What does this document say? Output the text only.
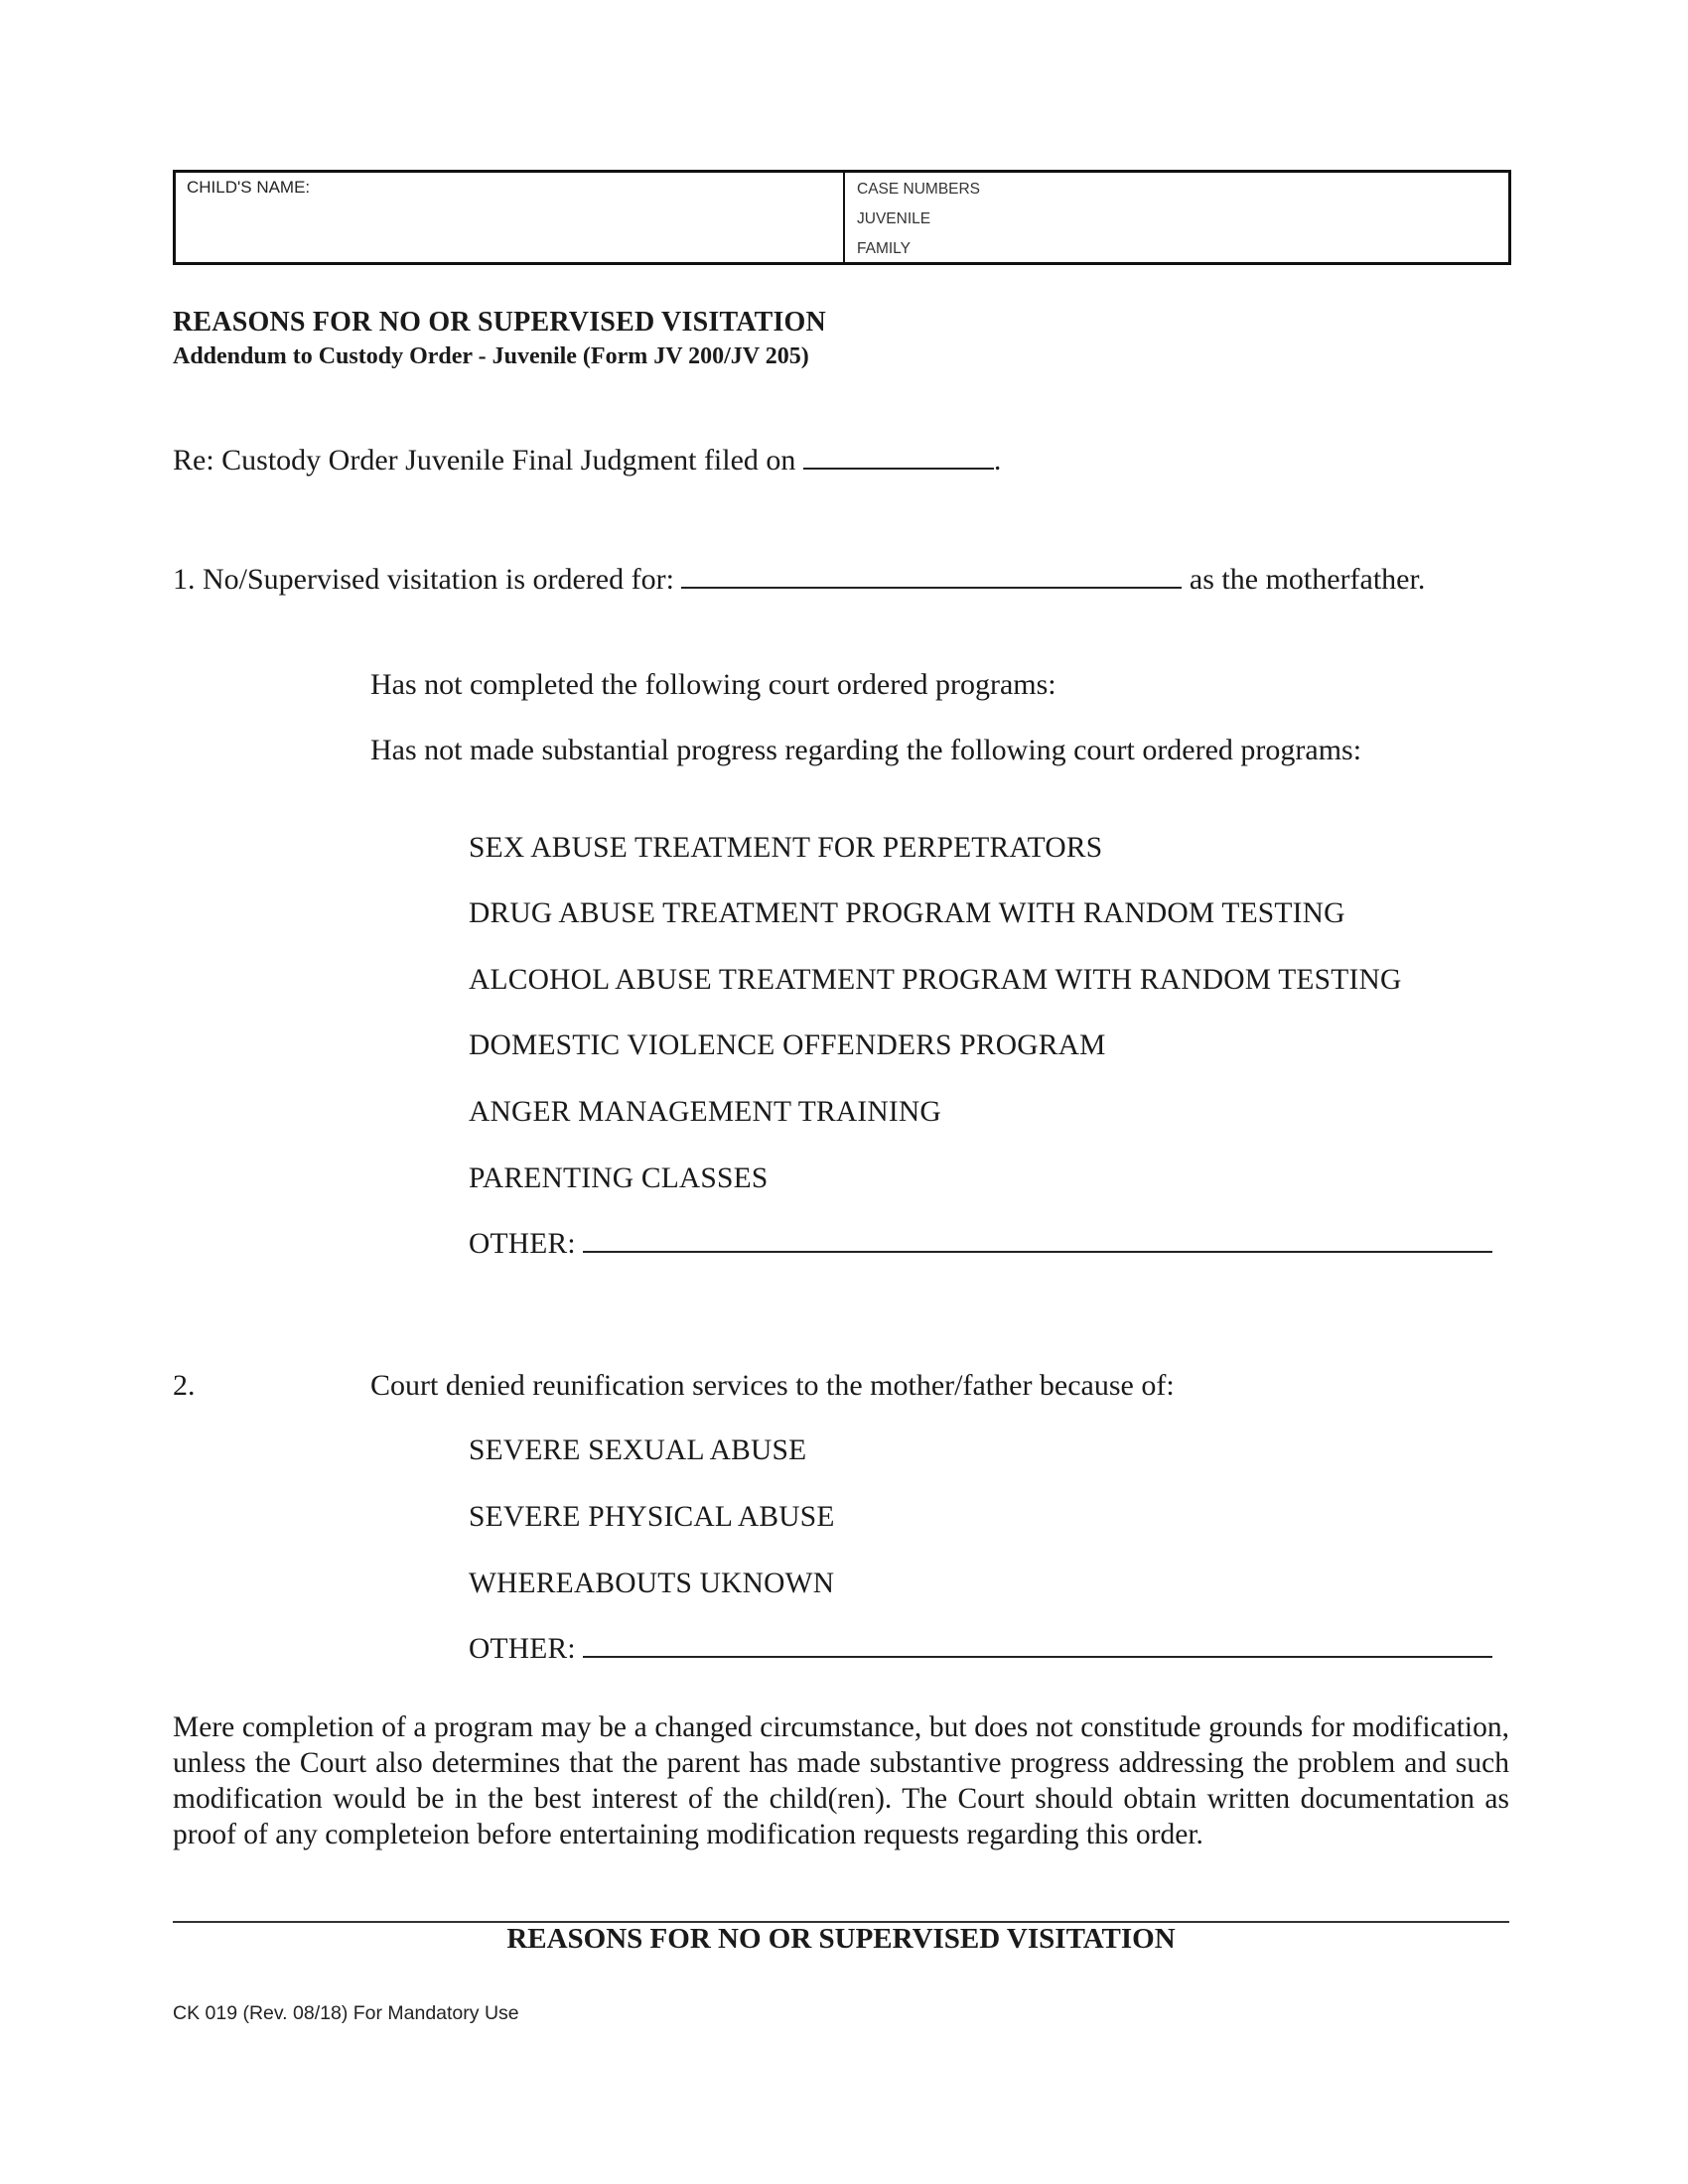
CHILD'S NAME:	CASE NUMBERS
JUVENILE
FAMILY
REASONS FOR NO OR SUPERVISED VISITATION
Addendum to Custody Order - Juvenile (Form JV 200/JV 205)
Re: Custody Order Juvenile Final Judgment filed on	.
1. No/Supervised visitation is ordered for:	as the motherfather.
Has not completed the following court ordered programs:
Has not made substantial progress regarding the following court ordered programs:
SEX ABUSE TREATMENT FOR PERPETRATORS
DRUG ABUSE TREATMENT PROGRAM WITH RANDOM TESTING
ALCOHOL ABUSE TREATMENT PROGRAM WITH RANDOM TESTING
DOMESTIC VIOLENCE OFFENDERS PROGRAM
ANGER MANAGEMENT TRAINING
PARENTING CLASSES
OTHER:
2.	Court denied reunification services to the mother/father because of:
SEVERE SEXUAL ABUSE
SEVERE PHYSICAL ABUSE
WHEREABOUTS UKNOWN
OTHER:
Mere completion of a program may be a changed circumstance, but does not constitude grounds for modification, unless the Court also determines that the parent has made substantive progress addressing the problem and such modification would be in the best interest of the child(ren). The Court should obtain written documentation as proof of any completeion before entertaining modification requests regarding this order.
REASONS FOR NO OR SUPERVISED VISITATION
CK 019 (Rev. 08/18) For Mandatory Use
